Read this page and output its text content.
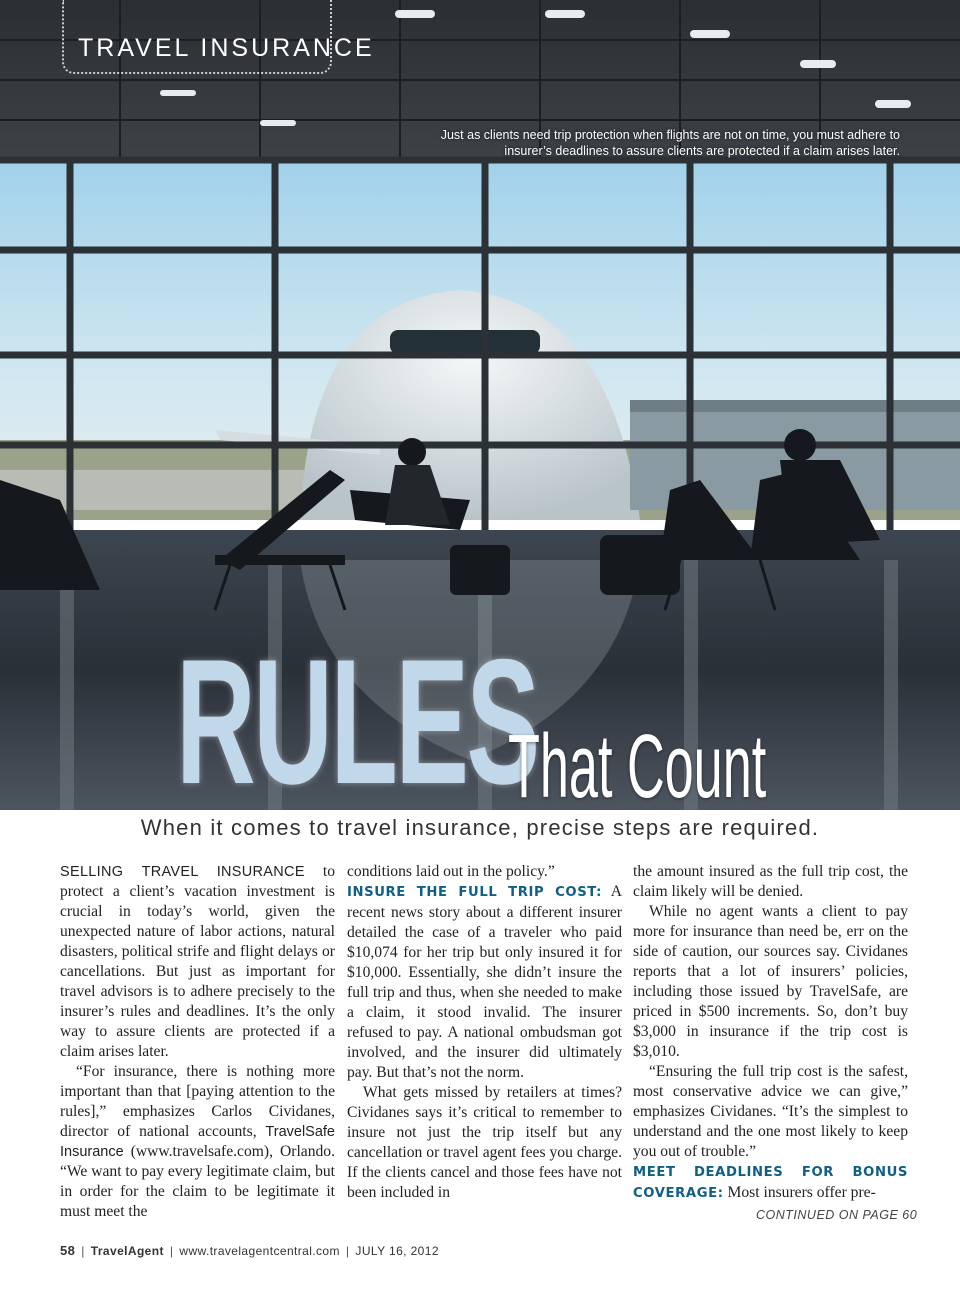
TRAVEL INSURANCE
Just as clients need trip protection when flights are not on time, you must adhere to insurer’s deadlines to assure clients are protected if a claim arises later.
RULES
That Count
When it comes to travel insurance, precise steps are required.

SELLING TRAVEL INSURANCE to protect a client’s vacation investment is crucial in today’s world, given the unexpected nature of labor actions, natural disasters, political strife and flight delays or cancellations. But just as important for travel advisors is to adhere precisely to the insurer’s rules and deadlines. It’s the only way to assure clients are protected if a claim arises later.

“For insurance, there is nothing more important than that [paying attention to the rules],” emphasizes Carlos Cividanes, director of national accounts, TravelSafe Insurance (www.travelsafe.com), Orlando. “We want to pay every legitimate claim, but in order for the claim to be legitimate it must meet the

conditions laid out in the policy.”

INSURE THE FULL TRIP COST: A recent news story about a different insurer detailed the case of a traveler who paid $10,074 for her trip but only insured it for $10,000. Essentially, she didn’t insure the full trip and thus, when she needed to make a claim, it stood invalid. The insurer refused to pay. A national ombudsman got involved, and the insurer did ultimately pay. But that’s not the norm.

What gets missed by retailers at times? Cividanes says it’s critical to remember to insure not just the trip itself but any cancellation or travel agent fees you charge. If the clients cancel and those fees have not been included in

the amount insured as the full trip cost, the claim likely will be denied.

While no agent wants a client to pay more for insurance than need be, err on the side of caution, our sources say. Cividanes reports that a lot of insurers’ policies, including those issued by TravelSafe, are priced in $500 increments. So, don’t buy $3,000 in insurance if the trip cost is $3,010.

“Ensuring the full trip cost is the safest, most conservative advice we can give,” emphasizes Cividanes. “It’s the simplest to understand and the one most likely to keep you out of trouble.”

MEET DEADLINES FOR BONUS COVERAGE: Most insurers offer pre-

CONTINUED ON PAGE 60
58 | TravelAgent | www.travelagentcentral.com | JULY 16, 2012
